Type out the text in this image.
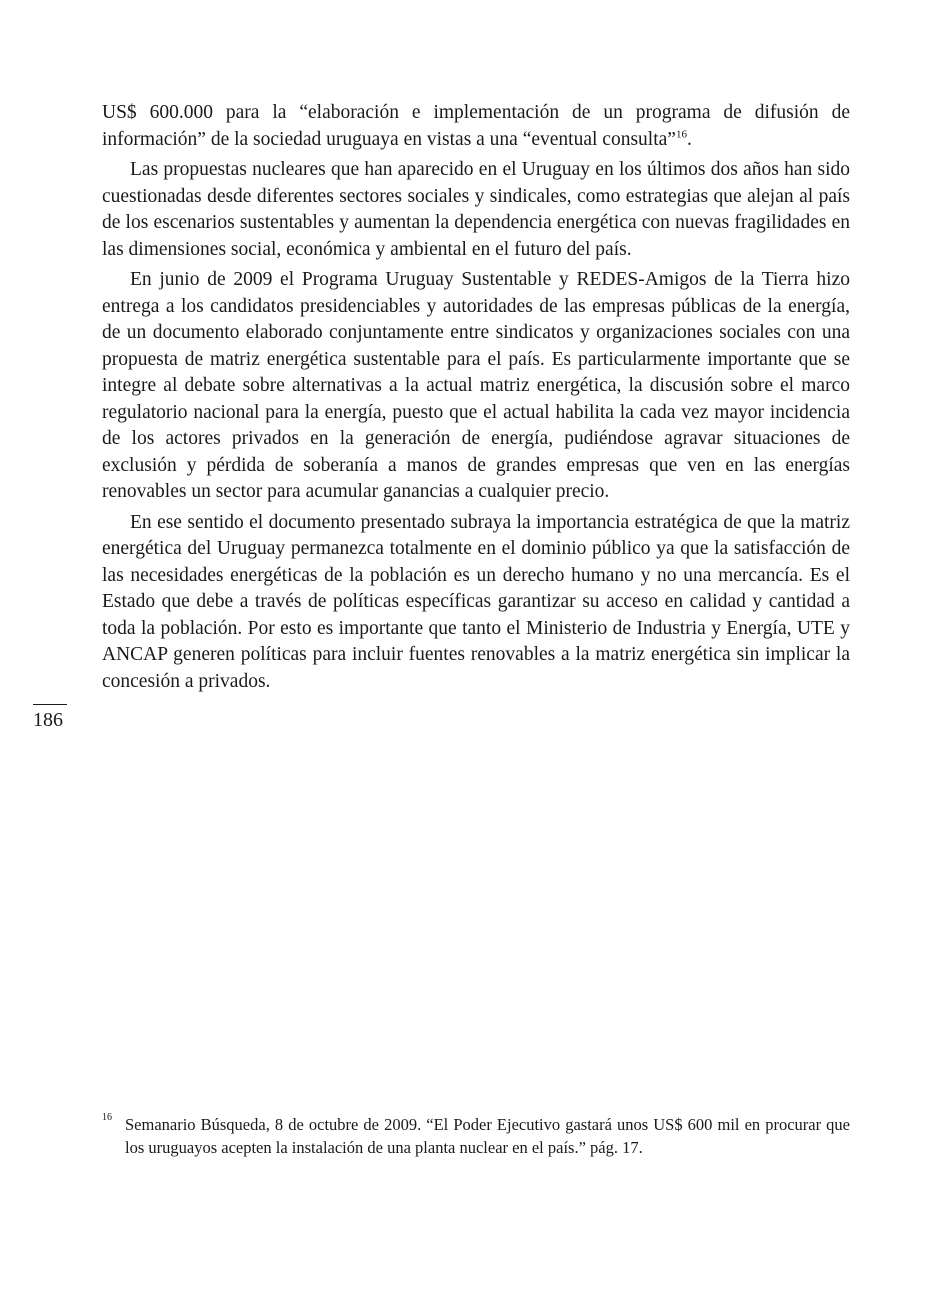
US$ 600.000 para la “elaboración e implementación de un programa de difusión de información” de la sociedad uruguaya en vistas a una “eventual consulta”$^{16}$.

Las propuestas nucleares que han aparecido en el Uruguay en los últimos dos años han sido cuestionadas desde diferentes sectores sociales y sindicales, como estrategias que alejan al país de los escenarios sustentables y aumentan la dependencia energética con nuevas fragilidades en las dimensiones social, económica y ambiental en el futuro del país.

En junio de 2009 el Programa Uruguay Sustentable y REDES-Amigos de la Tierra hizo entrega a los candidatos presidenciables y autoridades de las empresas públicas de la energía, de un documento elaborado conjuntamente entre sindicatos y organizaciones sociales con una propuesta de matriz energética sustentable para el país. Es particularmente importante que se integre al debate sobre alternativas a la actual matriz energética, la discusión sobre el marco regulatorio nacional para la energía, puesto que el actual habilita la cada vez mayor incidencia de los actores privados en la generación de energía, pudiéndose agravar situaciones de exclusión y pérdida de soberanía a manos de grandes empresas que ven en las energías renovables un sector para acumular ganancias a cualquier precio.

En ese sentido el documento presentado subraya la importancia estratégica de que la matriz energética del Uruguay permanezca totalmente en el dominio público ya que la satisfacción de las necesidades energéticas de la población es un derecho humano y no una mercancía. Es el Estado que debe a través de políticas específicas garantizar su acceso en calidad y cantidad a toda la población. Por esto es importante que tanto el Ministerio de Industria y Energía, UTE y ANCAP generen políticas para incluir fuentes renovables a la matriz energética sin implicar la concesión a privados.

186
16 Semanario Búsqueda, 8 de octubre de 2009. “El Poder Ejecutivo gastará unos US$ 600 mil en procurar que los uruguayos acepten la instalación de una planta nuclear en el país.” pág. 17.
